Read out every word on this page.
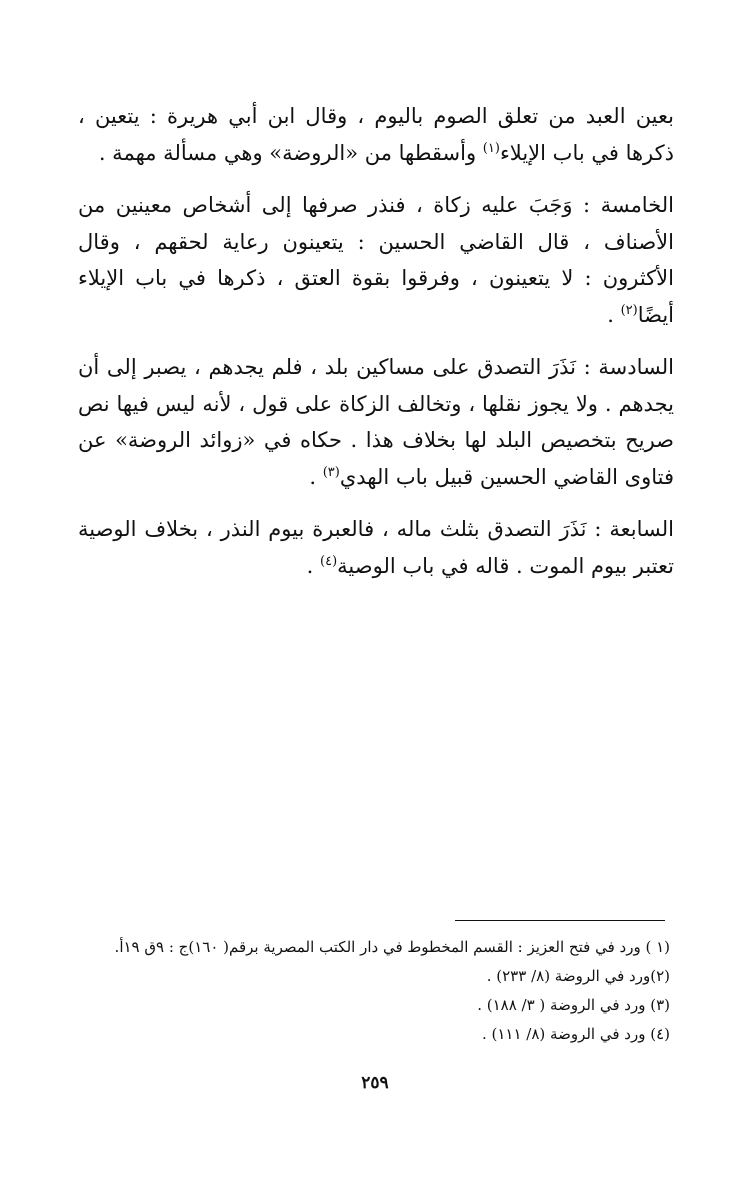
بعين العبد من تعلق الصوم باليوم ، وقال ابن أبي هريرة : يتعين ، ذكرها في باب الإيلاء$^{(١)}$ وأسقطها من «الروضة» وهي مسألة مهمة .

الخامسة : وَجَبَ عليه زكاة ، فنذر صرفها إلى أشخاص معينين من الأصناف ، قال القاضي الحسين : يتعينون رعاية لحقهم ، وقال الأكثرون : لا يتعينون ، وفرقوا بقوة العتق ، ذكرها في باب الإيلاء أيضًا$^{(٢)}$ .

السادسة : نَذَرَ التصدق على مساكين بلد ، فلم يجدهم ، يصبر إلى أن يجدهم . ولا يجوز نقلها ، وتخالف الزكاة على قول ، لأنه ليس فيها نص صريح بتخصيص البلد لها بخلاف هذا . حكاه في «زوائد الروضة» عن فتاوى القاضي الحسين قبيل باب الهدي$^{(٣)}$ .

السابعة : نَذَرَ التصدق بثلث ماله ، فالعبرة بيوم النذر ، بخلاف الوصية تعتبر بيوم الموت . قاله في باب الوصية$^{(٤)}$ .

(١ ) ورد في فتح العزيز : القسم المخطوط في دار الكتب المصرية برقم( ١٦٠)ج : ٩ق ١٩أ.

(٢)ورد في الروضة (٨/ ٢٣٣) .

(٣) ورد في الروضة ( ٣/ ١٨٨) .

(٤) ورد في الروضة (٨/ ١١١) .

٢٥٩
